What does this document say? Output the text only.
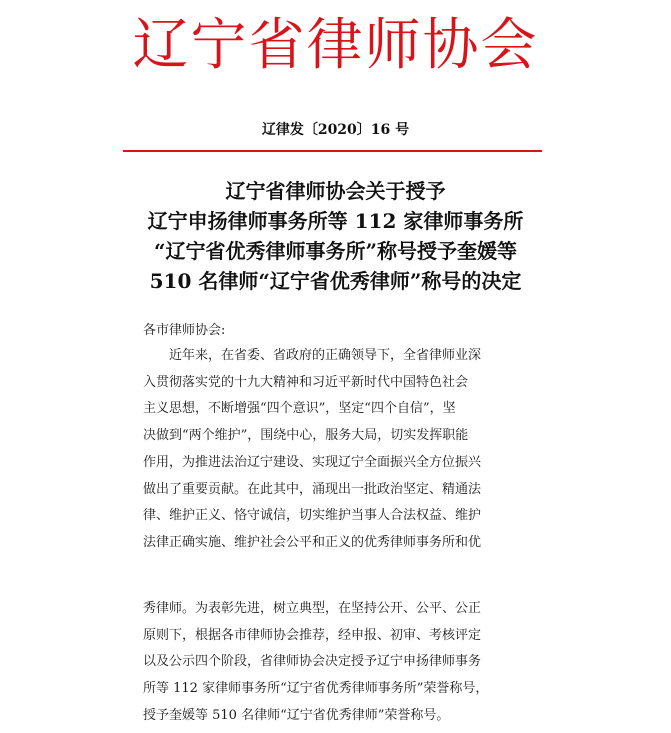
辽宁省律师协会
辽律发〔2020〕16 号
辽宁省律师协会关于授予
辽宁申扬律师事务所等 112 家律师事务所
“辽宁省优秀律师事务所”称号授予奎媛等
510 名律师“辽宁省优秀律师”称号的决定
各市律师协会:
近年来，在省委、省政府的正确领导下，全省律师业深
入贯彻落实党的十九大精神和习近平新时代中国特色社会
主义思想，不断增强“四个意识”，坚定“四个自信”，坚
决做到“两个维护”，围绕中心，服务大局，切实发挥职能
作用，为推进法治辽宁建设、实现辽宁全面振兴全方位振兴
做出了重要贡献。在此其中，涌现出一批政治坚定、精通法
律、维护正义、恪守诚信，切实维护当事人合法权益、维护
法律正确实施、维护社会公平和正义的优秀律师事务所和优
秀律师。为表彰先进，树立典型，在坚持公开、公平、公正
原则下，根据各市律师协会推荐，经申报、初审、考核评定
以及公示四个阶段，省律师协会决定授予辽宁申扬律师事务
所等 112 家律师事务所“辽宁省优秀律师事务所”荣誉称号，
授予奎媛等 510 名律师“辽宁省优秀律师”荣誉称号。
